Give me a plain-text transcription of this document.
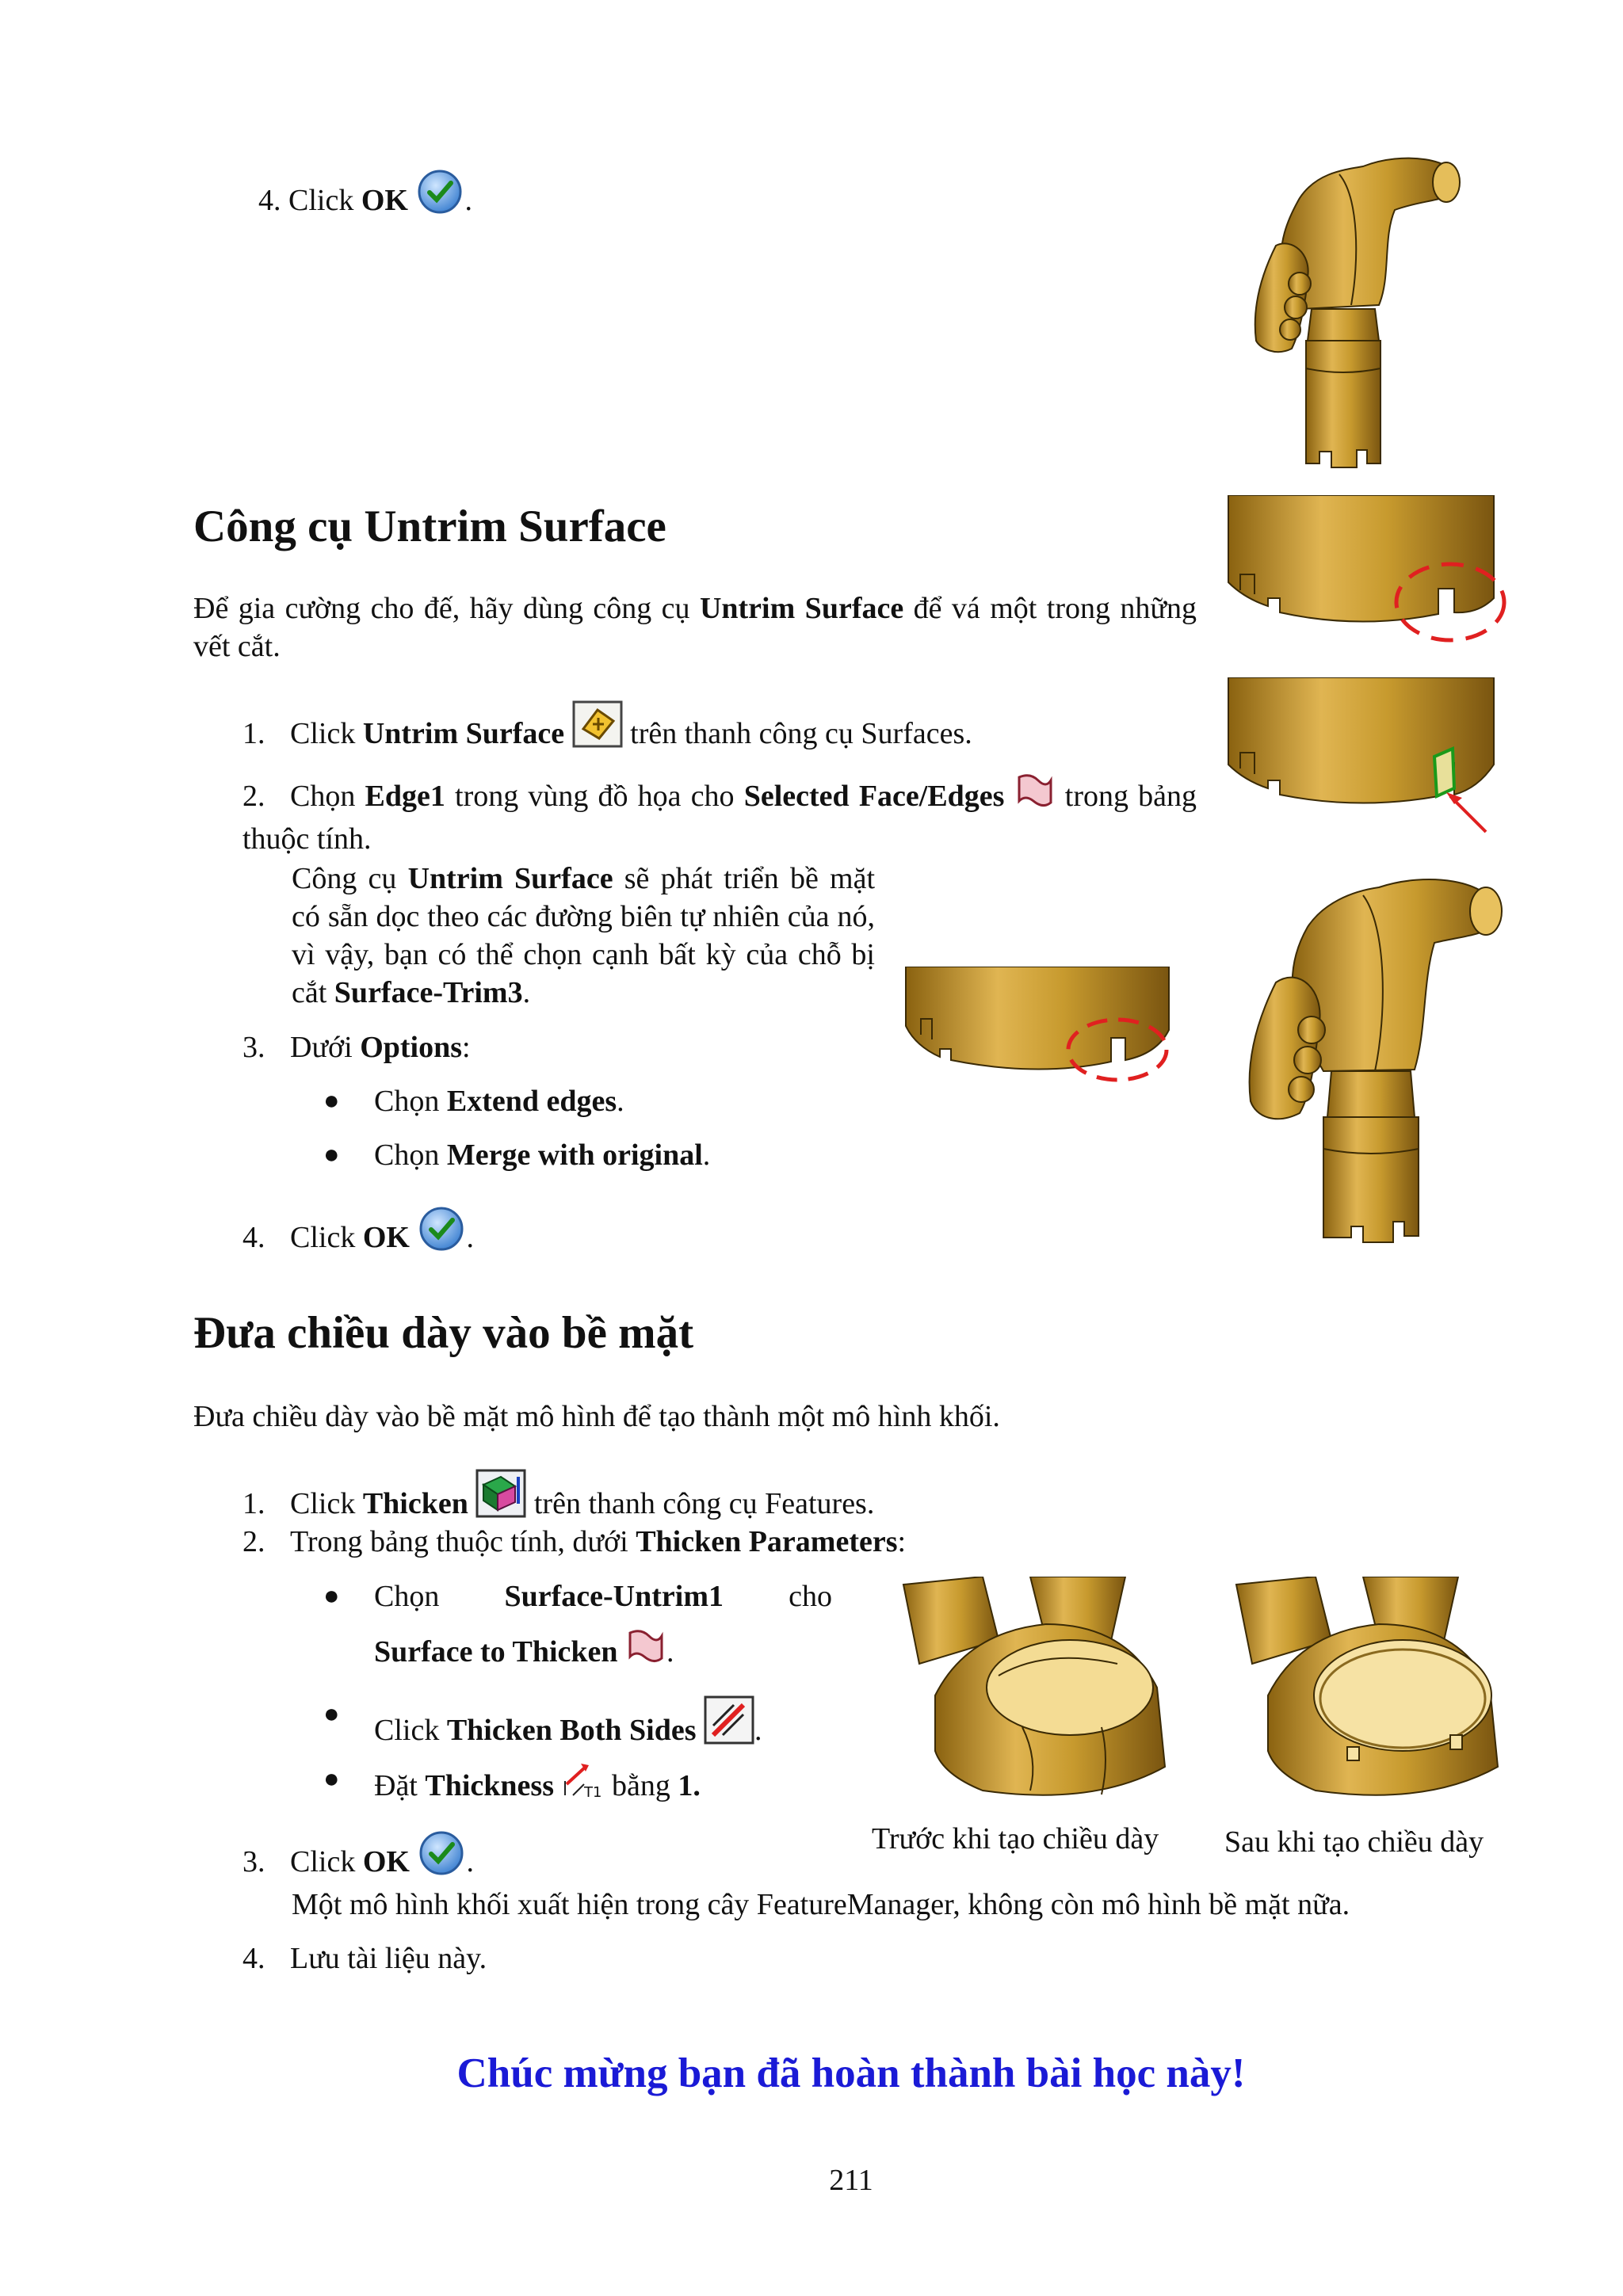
4. Click OK .
Công cụ Untrim Surface
Để gia cường cho đế, hãy dùng công cụ Untrim Surface để vá một trong những vết cắt.
1. Click Untrim Surface  trên thanh công cụ Surfaces.
2. Chọn Edge1 trong vùng đồ họa cho Selected Face/Edges  trong bảng thuộc tính.
Công cụ Untrim Surface sẽ phát triển bề mặt có sẵn dọc theo các đường biên tự nhiên của nó, vì vậy, bạn có thể chọn cạnh bất kỳ của chỗ bị cắt Surface-Trim3.
3. Dưới Options:
● Chọn Extend edges.
● Chọn Merge with original.
4. Click OK .
Đưa chiều dày vào bề mặt
Đưa chiều dày vào bề mặt mô hình để tạo thành một mô hình khối.
1. Click Thicken  trên thanh công cụ Features.
2. Trong bảng thuộc tính, dưới Thicken Parameters:
● Chọn Surface-Untrim1 cho
Surface to Thicken .
● Click Thicken Both Sides .
● Đặt Thickness T1 bằng 1.
Trước khi tạo chiều dày Sau khi tạo chiều dày
3. Click OK .
Một mô hình khối xuất hiện trong cây FeatureManager, không còn mô hình bề mặt nữa.
4. Lưu tài liệu này.
Chúc mừng bạn đã hoàn thành bài học này!
211
